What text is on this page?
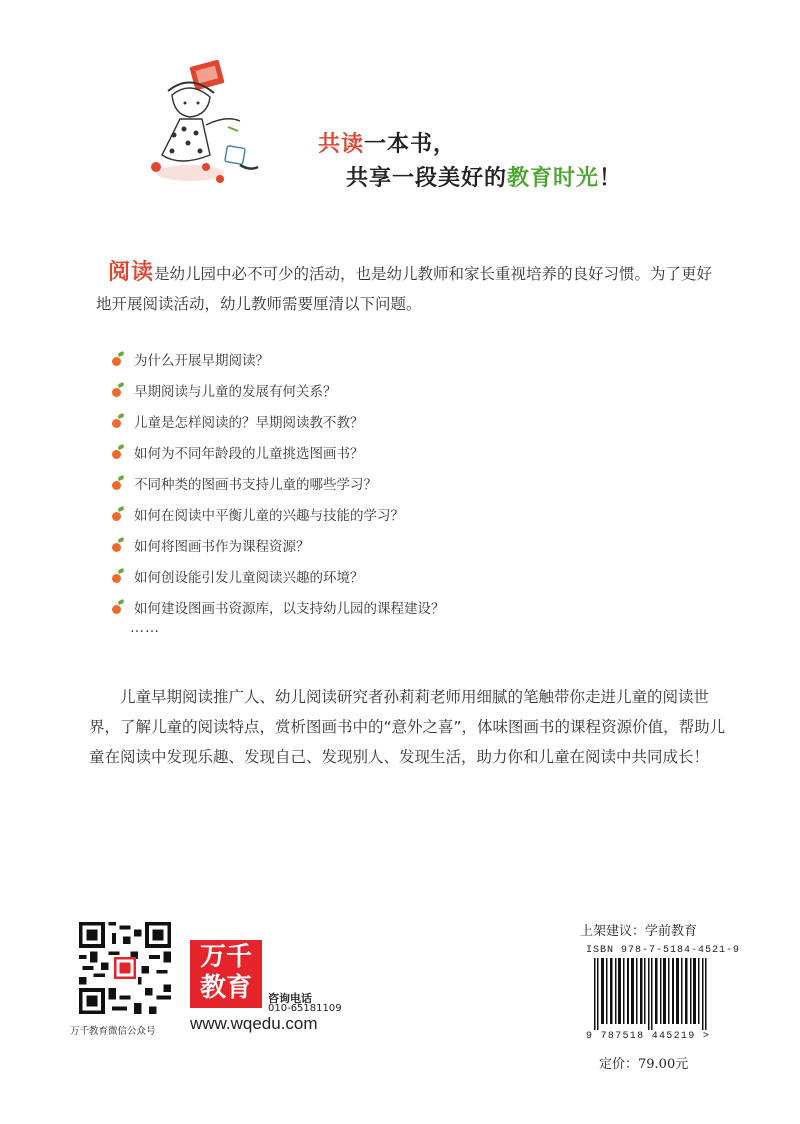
共读一本书，
共享一段美好的教育时光！
阅读是幼儿园中必不可少的活动，也是幼儿教师和家长重视培养的良好习惯。为了更好
地开展阅读活动，幼儿教师需要厘清以下问题。
为什么开展早期阅读？
早期阅读与儿童的发展有何关系？
儿童是怎样阅读的？早期阅读教不教？
如何为不同年龄段的儿童挑选图画书？
不同种类的图画书支持儿童的哪些学习？
如何在阅读中平衡儿童的兴趣与技能的学习？
如何将图画书作为课程资源？
如何创设能引发儿童阅读兴趣的环境？
如何建设图画书资源库，以支持幼儿园的课程建设？
……
儿童早期阅读推广人、幼儿阅读研究者孙莉莉老师用细腻的笔触带你走进儿童的阅读世界，了解儿童的阅读特点，赏析图画书中的“意外之喜”，体味图画书的课程资源价值，帮助儿童在阅读中发现乐趣、发现自己、发现别人、发现生活，助力你和儿童在阅读中共同成长！
万千教育微信公众号
万千
教育	咨询电话
010-65181109
www.wqedu.com
上架建议：学前教育
ISBN 978-7-5184-4521-9
9 787518 445219 >
定价：79.00元
